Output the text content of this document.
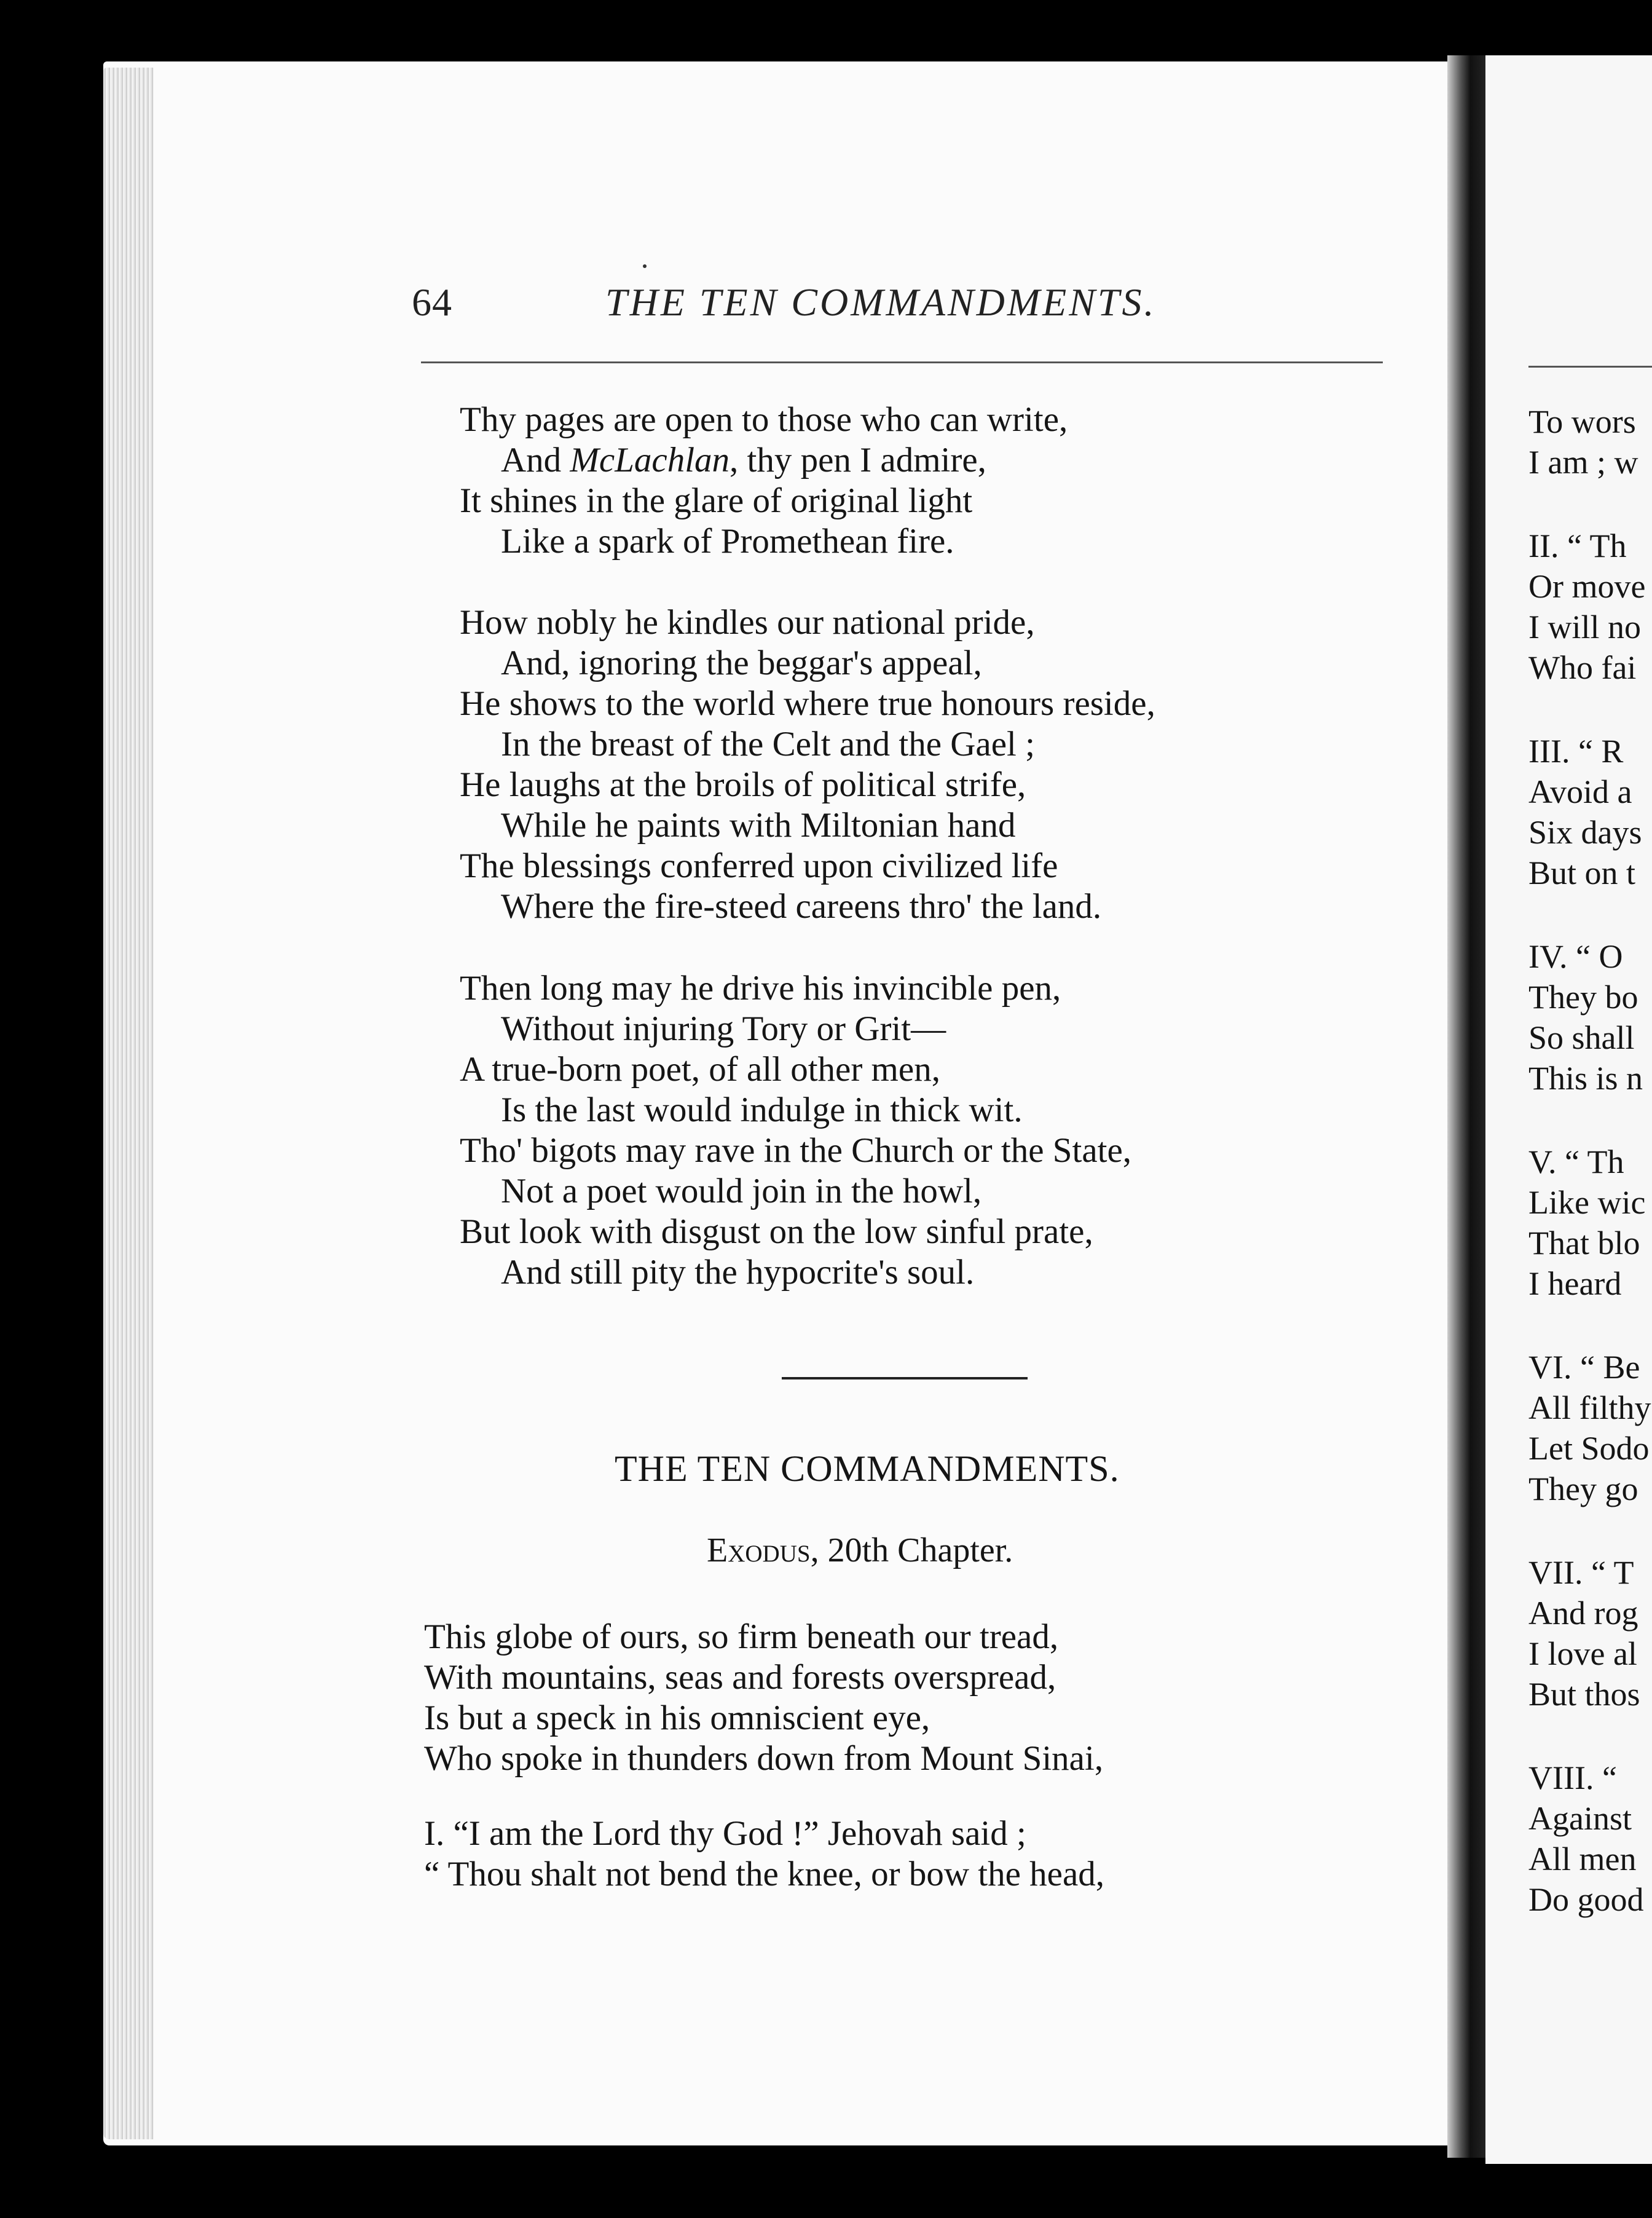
To wors
I am ; w
II. “ Th
Or move
I will no
Who fai
III. “ R
Avoid a
Six days
But on t
IV. “ O
They bo
So shall
This is n
V. “ Th
Like wic
That blo
I heard
VI. “ Be
All filthy
Let Sodo
They go
VII. “ T
And rog
I love al
But thos
VIII. “
Against
All men
Do good
64	THE TEN COMMANDMENTS.
Thy pages are open to those who can write,
And McLachlan, thy pen I admire,
It shines in the glare of original light
Like a spark of Promethean fire.
How nobly he kindles our national pride,
And, ignoring the beggar's appeal,
He shows to the world where true honours reside,
In the breast of the Celt and the Gael ;
He laughs at the broils of political strife,
While he paints with Miltonian hand
The blessings conferred upon civilized life
Where the fire-steed careens thro' the land.
Then long may he drive his invincible pen,
Without injuring Tory or Grit—
A true-born poet, of all other men,
Is the last would indulge in thick wit.
Tho' bigots may rave in the Church or the State,
Not a poet would join in the howl,
But look with disgust on the low sinful prate,
And still pity the hypocrite's soul.
THE TEN COMMANDMENTS.
Exodus, 20th Chapter.
This globe of ours, so firm beneath our tread,
With mountains, seas and forests overspread,
Is but a speck in his omniscient eye,
Who spoke in thunders down from Mount Sinai,
I. “I am the Lord thy God !” Jehovah said ;
“ Thou shalt not bend the knee, or bow the head,
